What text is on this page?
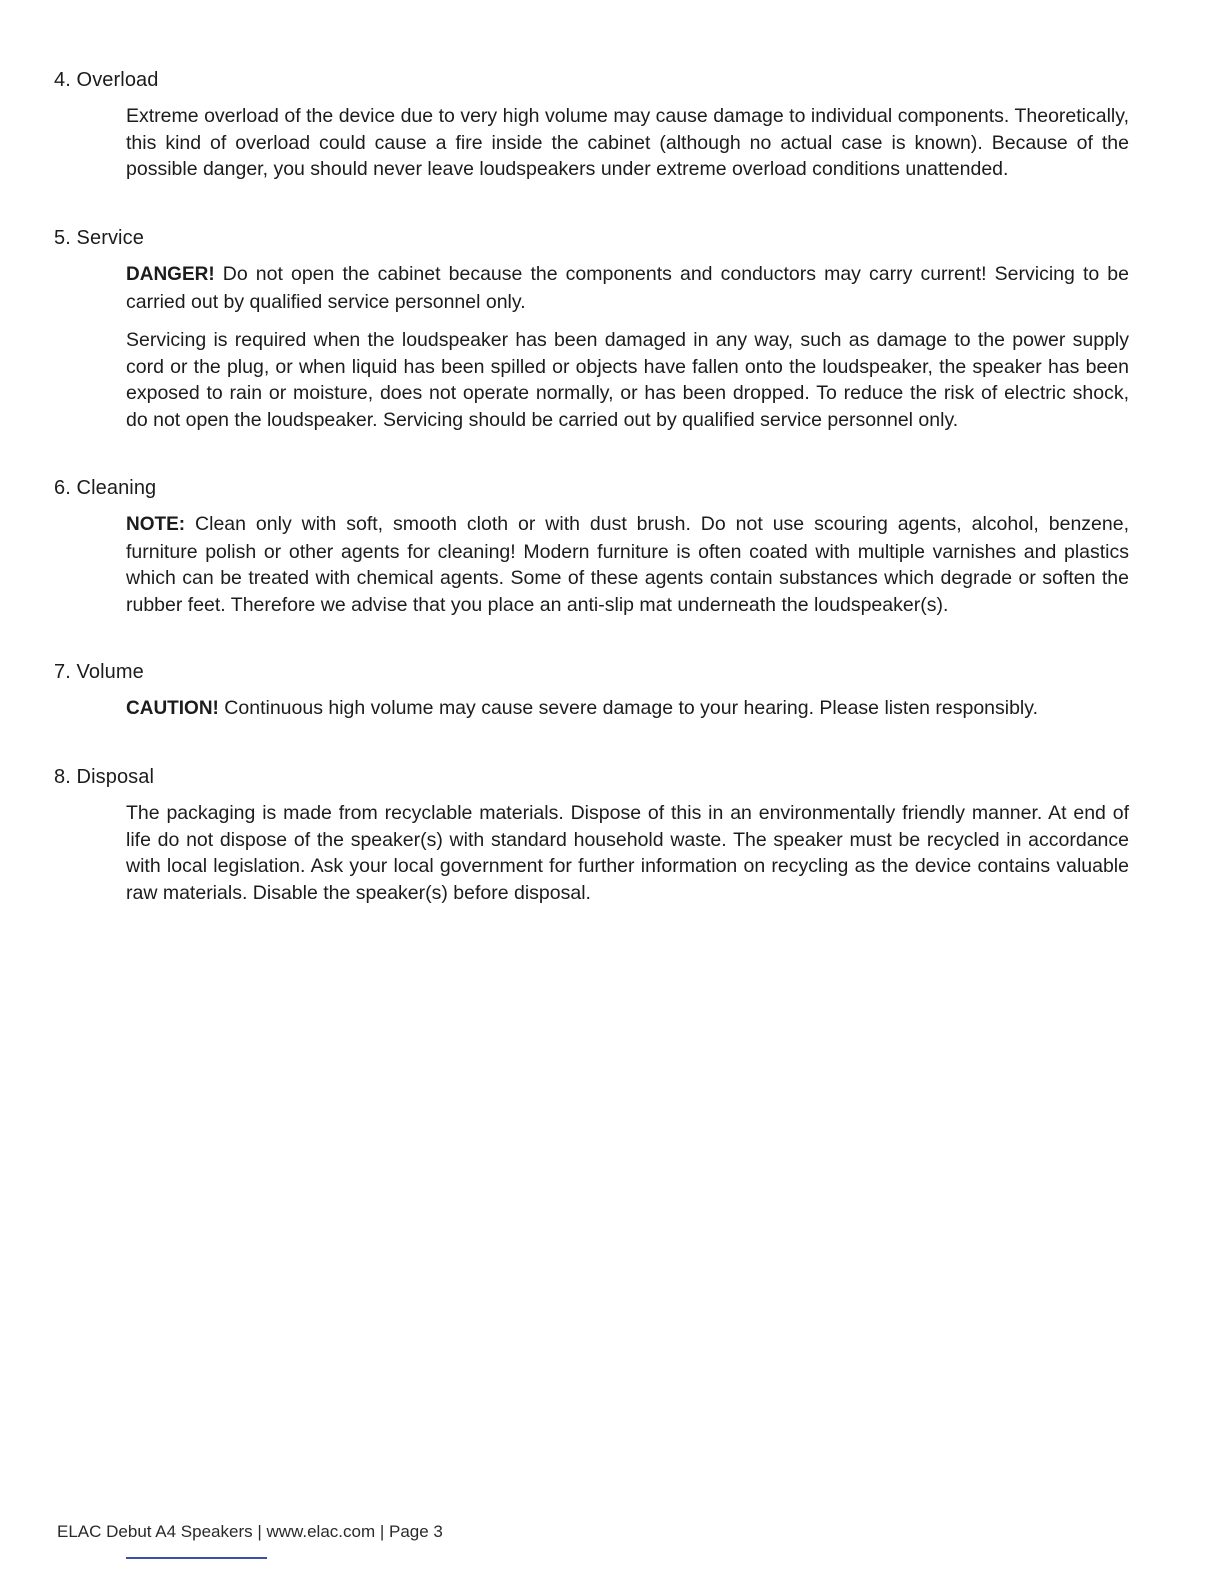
4. Overload

Extreme overload of the device due to very high volume may cause damage to individual components. Theoretically, this kind of overload could cause a fire inside the cabinet (although no actual case is known). Because of the possible danger, you should never leave loudspeakers under extreme overload conditions unattended.

5. Service

DANGER! Do not open the cabinet because the components and conductors may carry current! Servicing to be carried out by qualified service personnel only.

Servicing is required when the loudspeaker has been damaged in any way, such as damage to the power supply cord or the plug, or when liquid has been spilled or objects have fallen onto the loudspeaker, the speaker has been exposed to rain or moisture, does not operate normally, or has been dropped. To reduce the risk of electric shock, do not open the loudspeaker. Servicing should be carried out by qualified service personnel only.

6. Cleaning

NOTE: Clean only with soft, smooth cloth or with dust brush. Do not use scouring agents, alcohol, benzene, furniture polish or other agents for cleaning! Modern furniture is often coated with multiple varnishes and plastics which can be treated with chemical agents. Some of these agents contain substances which degrade or soften the rubber feet. Therefore we advise that you place an anti-slip mat underneath the loudspeaker(s).

7. Volume

CAUTION! Continuous high volume may cause severe damage to your hearing. Please listen responsibly.

8. Disposal

The packaging is made from recyclable materials. Dispose of this in an environmentally friendly manner. At end of life do not dispose of the speaker(s) with standard household waste. The speaker must be recycled in accordance with local legislation. Ask your local government for further information on recycling as the device contains valuable raw materials. Disable the speaker(s) before disposal.

ELAC Debut A4 Speakers | www.elac.com | Page 3
